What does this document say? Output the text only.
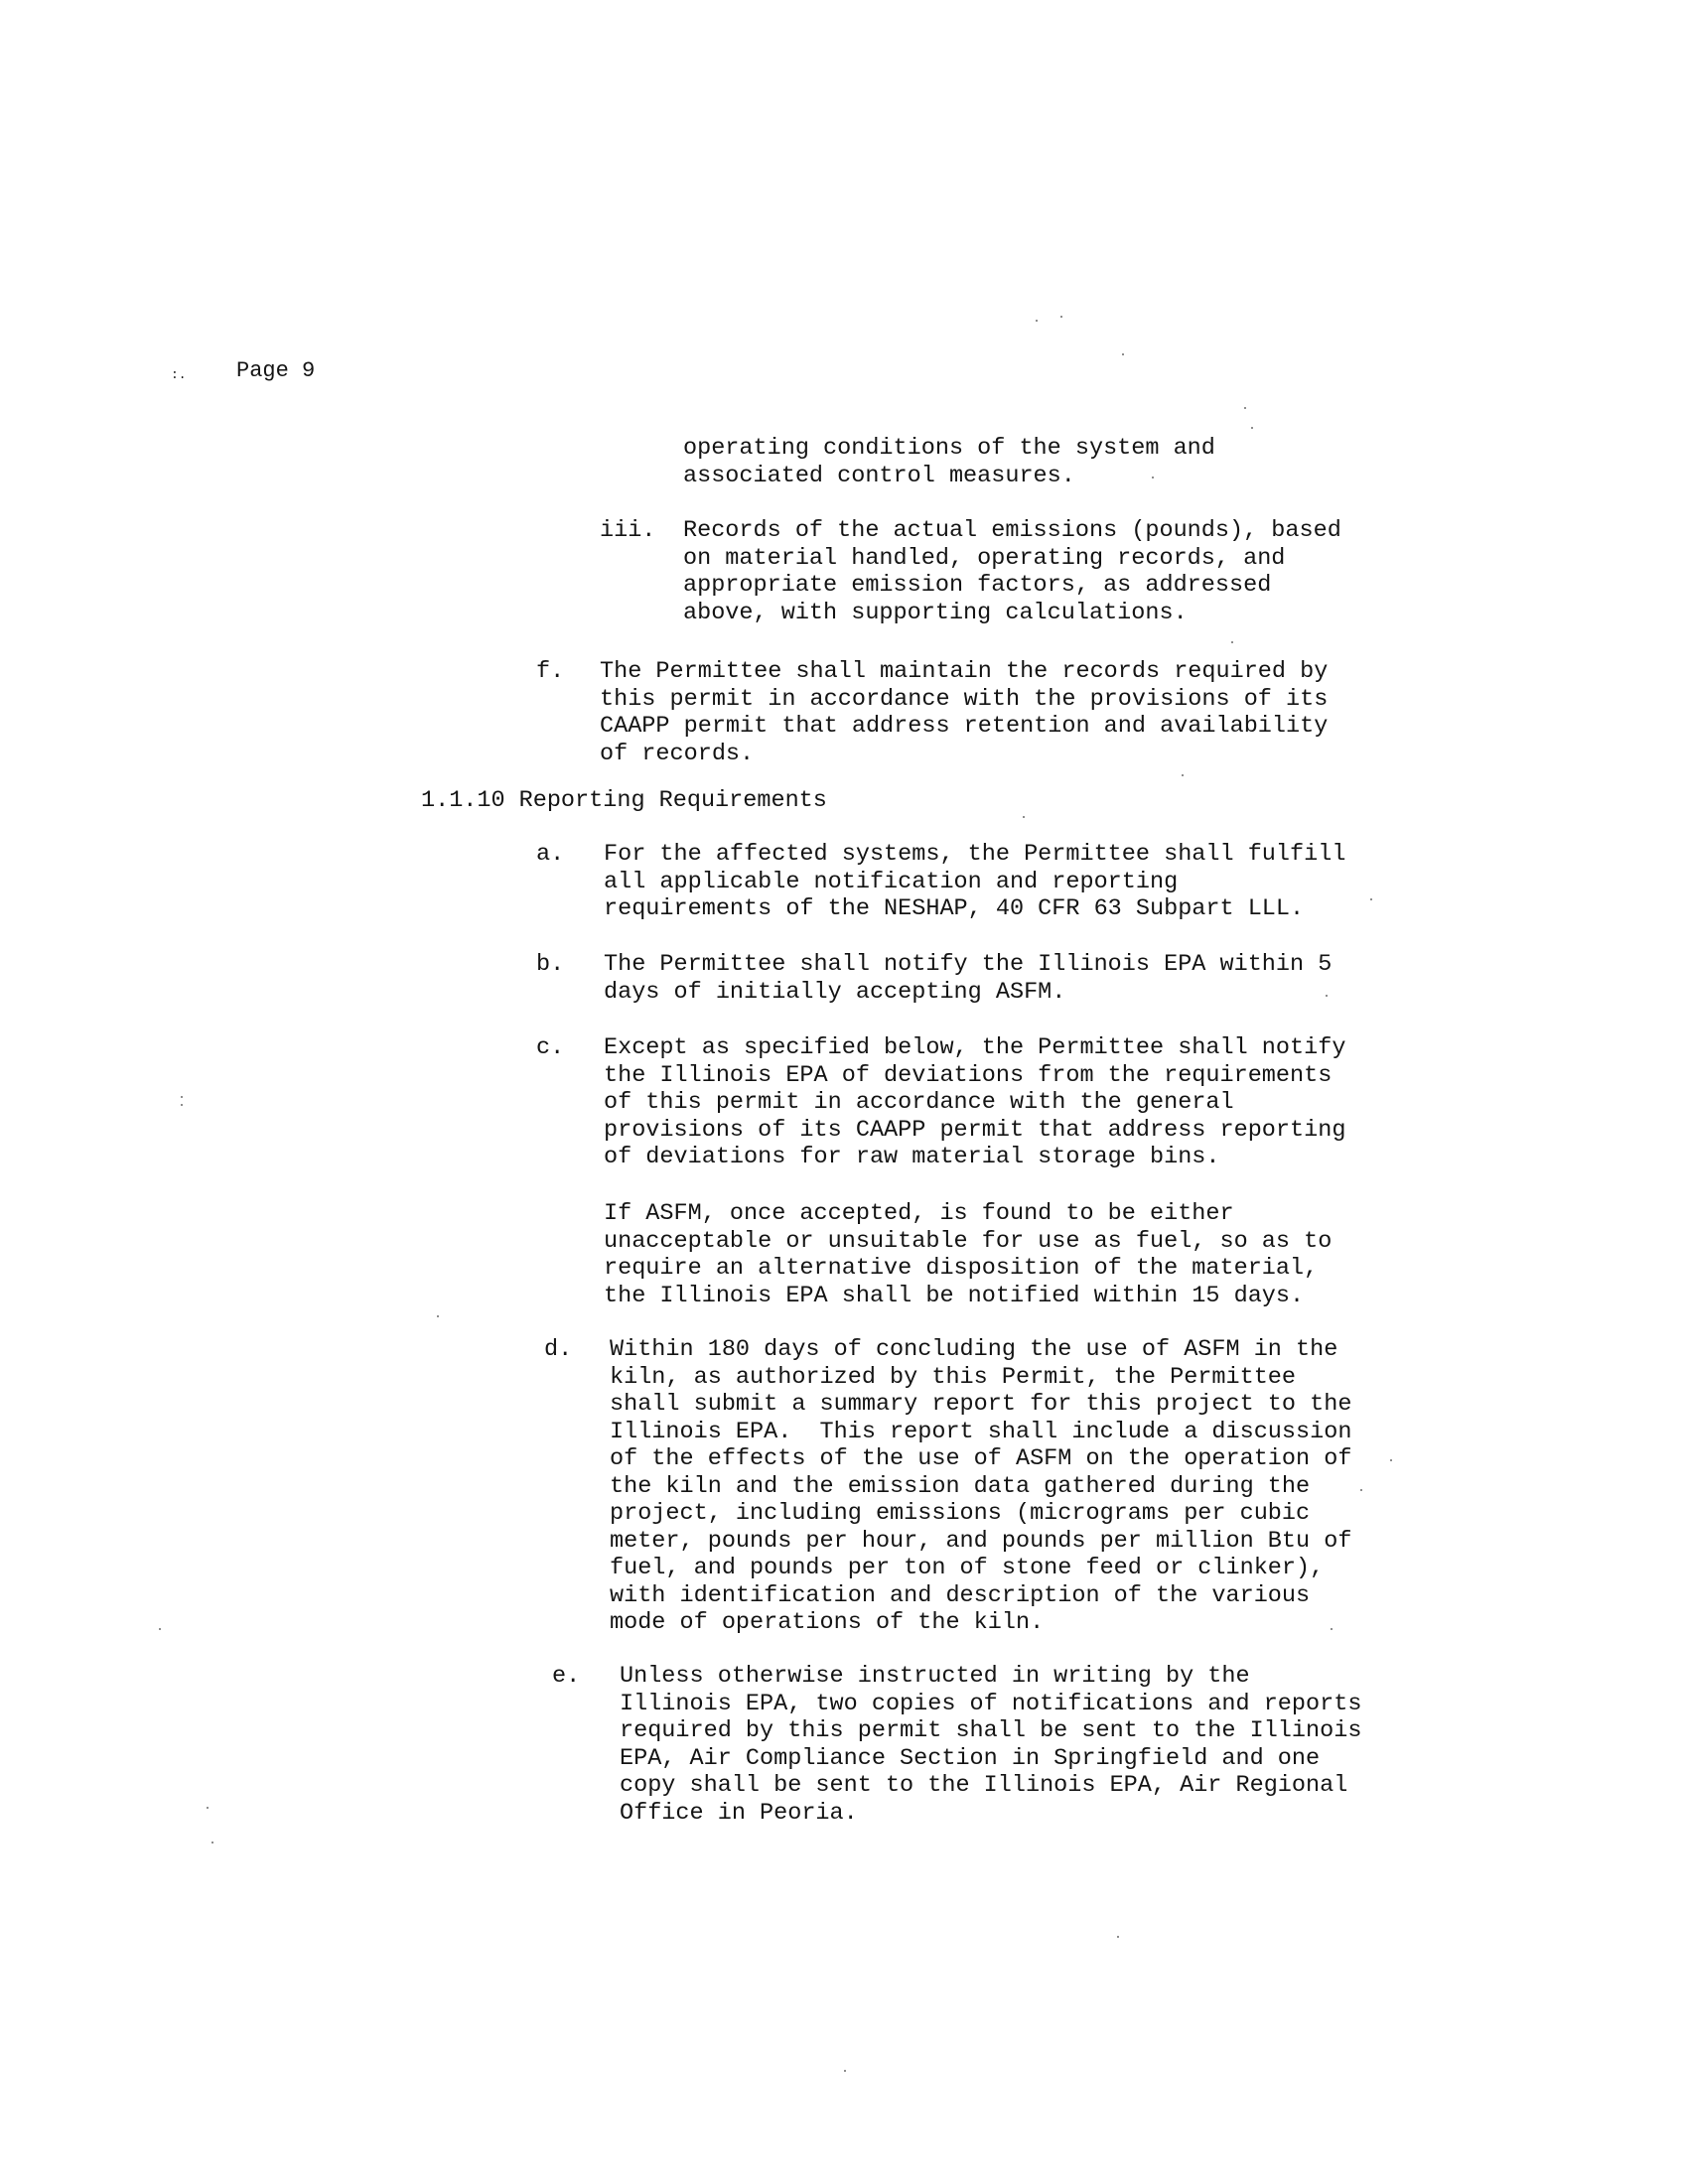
:. Page 9
operating conditions of the system and
associated control measures.
iii. Records of the actual emissions (pounds), based
on material handled, operating records, and
appropriate emission factors, as addressed
above, with supporting calculations.
f. The Permittee shall maintain the records required by
this permit in accordance with the provisions of its
CAAPP permit that address retention and availability
of records.
1.1.10 Reporting Requirements
a. For the affected systems, the Permittee shall fulfill
all applicable notification and reporting
requirements of the NESHAP, 40 CFR 63 Subpart LLL.
b. The Permittee shall notify the Illinois EPA within 5
days of initially accepting ASFM.
c. Except as specified below, the Permittee shall notify
the Illinois EPA of deviations from the requirements
of this permit in accordance with the general
provisions of its CAAPP permit that address reporting
of deviations for raw material storage bins.
If ASFM, once accepted, is found to be either
unacceptable or unsuitable for use as fuel, so as to
require an alternative disposition of the material,
the Illinois EPA shall be notified within 15 days.
d. Within 180 days of concluding the use of ASFM in the
kiln, as authorized by this Permit, the Permittee
shall submit a summary report for this project to the
Illinois EPA.  This report shall include a discussion
of the effects of the use of ASFM on the operation of
the kiln and the emission data gathered during the
project, including emissions (micrograms per cubic
meter, pounds per hour, and pounds per million Btu of
fuel, and pounds per ton of stone feed or clinker),
with identification and description of the various
mode of operations of the kiln.
e. Unless otherwise instructed in writing by the
Illinois EPA, two copies of notifications and reports
required by this permit shall be sent to the Illinois
EPA, Air Compliance Section in Springfield and one
copy shall be sent to the Illinois EPA, Air Regional
Office in Peoria.
